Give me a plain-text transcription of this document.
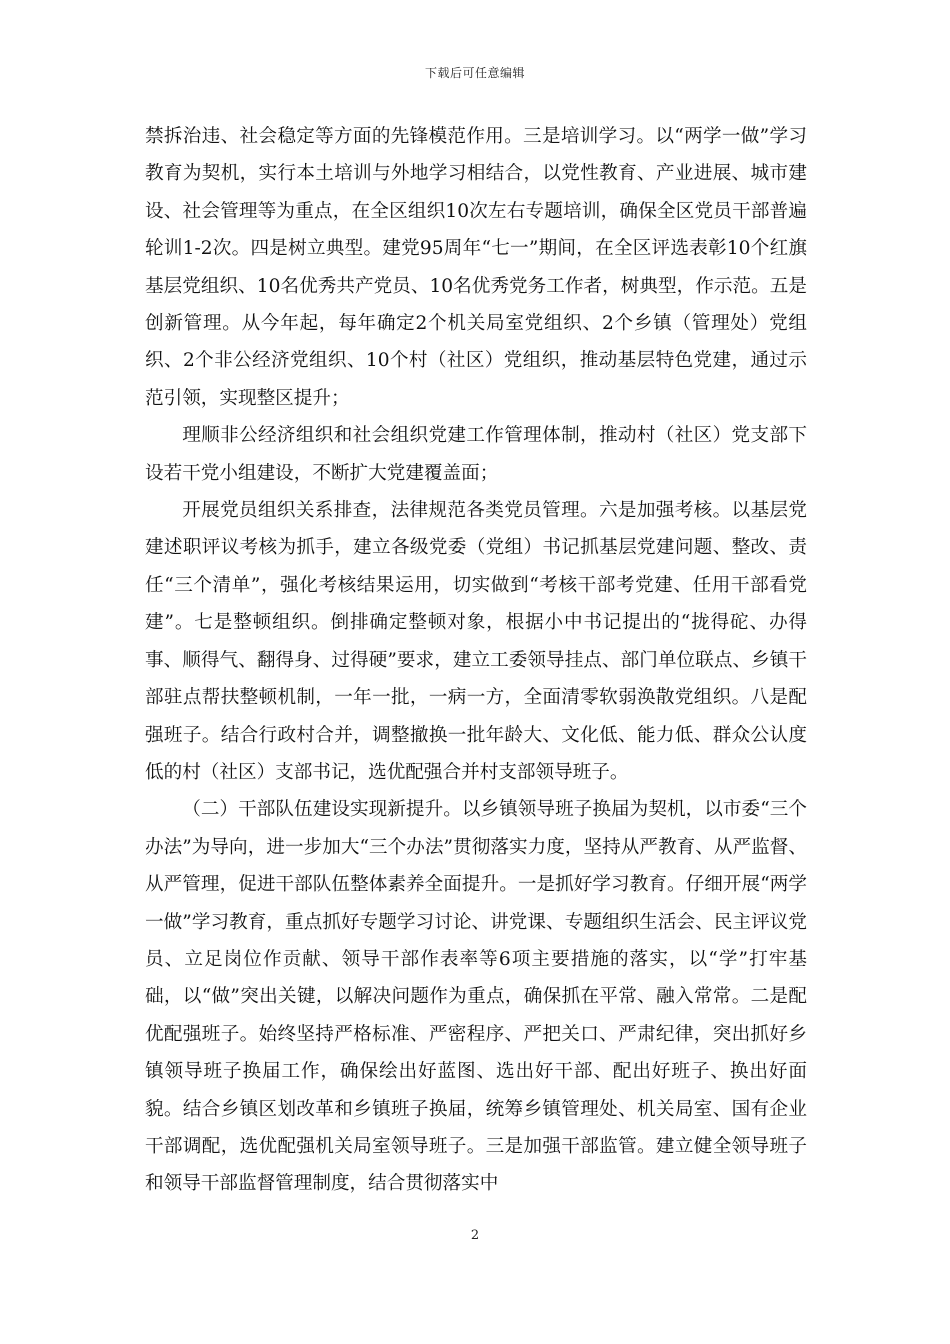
下载后可任意编辑

禁拆治违、社会稳定等方面的先锋模范作用。三是培训学习。以“两学一做”学习教育为契机，实行本土培训与外地学习相结合，以党性教育、产业进展、城市建设、社会管理等为重点，在全区组织10次左右专题培训，确保全区党员干部普遍轮训1-2次。四是树立典型。建党95周年“七一”期间，在全区评选表彰10个红旗基层党组织、10名优秀共产党员、10名优秀党务工作者，树典型，作示范。五是创新管理。从今年起，每年确定2个机关局室党组织、2个乡镇（管理处）党组织、2个非公经济党组织、10个村（社区）党组织，推动基层特色党建，通过示范引领，实现整区提升；

理顺非公经济组织和社会组织党建工作管理体制，推动村（社区）党支部下设若干党小组建设，不断扩大党建覆盖面；

开展党员组织关系排查，法律规范各类党员管理。六是加强考核。以基层党建述职评议考核为抓手，建立各级党委（党组）书记抓基层党建问题、整改、责任“三个清单”，强化考核结果运用，切实做到“考核干部考党建、任用干部看党建”。七是整顿组织。倒排确定整顿对象，根据小中书记提出的“拢得砣、办得事、顺得气、翻得身、过得硬”要求，建立工委领导挂点、部门单位联点、乡镇干部驻点帮扶整顿机制，一年一批，一病一方，全面清零软弱涣散党组织。八是配强班子。结合行政村合并，调整撤换一批年龄大、文化低、能力低、群众公认度低的村（社区）支部书记，选优配强合并村支部领导班子。

（二）干部队伍建设实现新提升。以乡镇领导班子换届为契机，以市委“三个办法”为导向，进一步加大“三个办法”贯彻落实力度，坚持从严教育、从严监督、从严管理，促进干部队伍整体素养全面提升。一是抓好学习教育。仔细开展“两学一做”学习教育，重点抓好专题学习讨论、讲党课、专题组织生活会、民主评议党员、立足岗位作贡献、领导干部作表率等6项主要措施的落实，以“学”打牢基础，以“做”突出关键，以解决问题作为重点，确保抓在平常、融入常常。二是配优配强班子。始终坚持严格标准、严密程序、严把关口、严肃纪律，突出抓好乡镇领导班子换届工作，确保绘出好蓝图、选出好干部、配出好班子、换出好面貌。结合乡镇区划改革和乡镇班子换届，统筹乡镇管理处、机关局室、国有企业干部调配，选优配强机关局室领导班子。三是加强干部监管。建立健全领导班子和领导干部监督管理制度，结合贯彻落实中

2
